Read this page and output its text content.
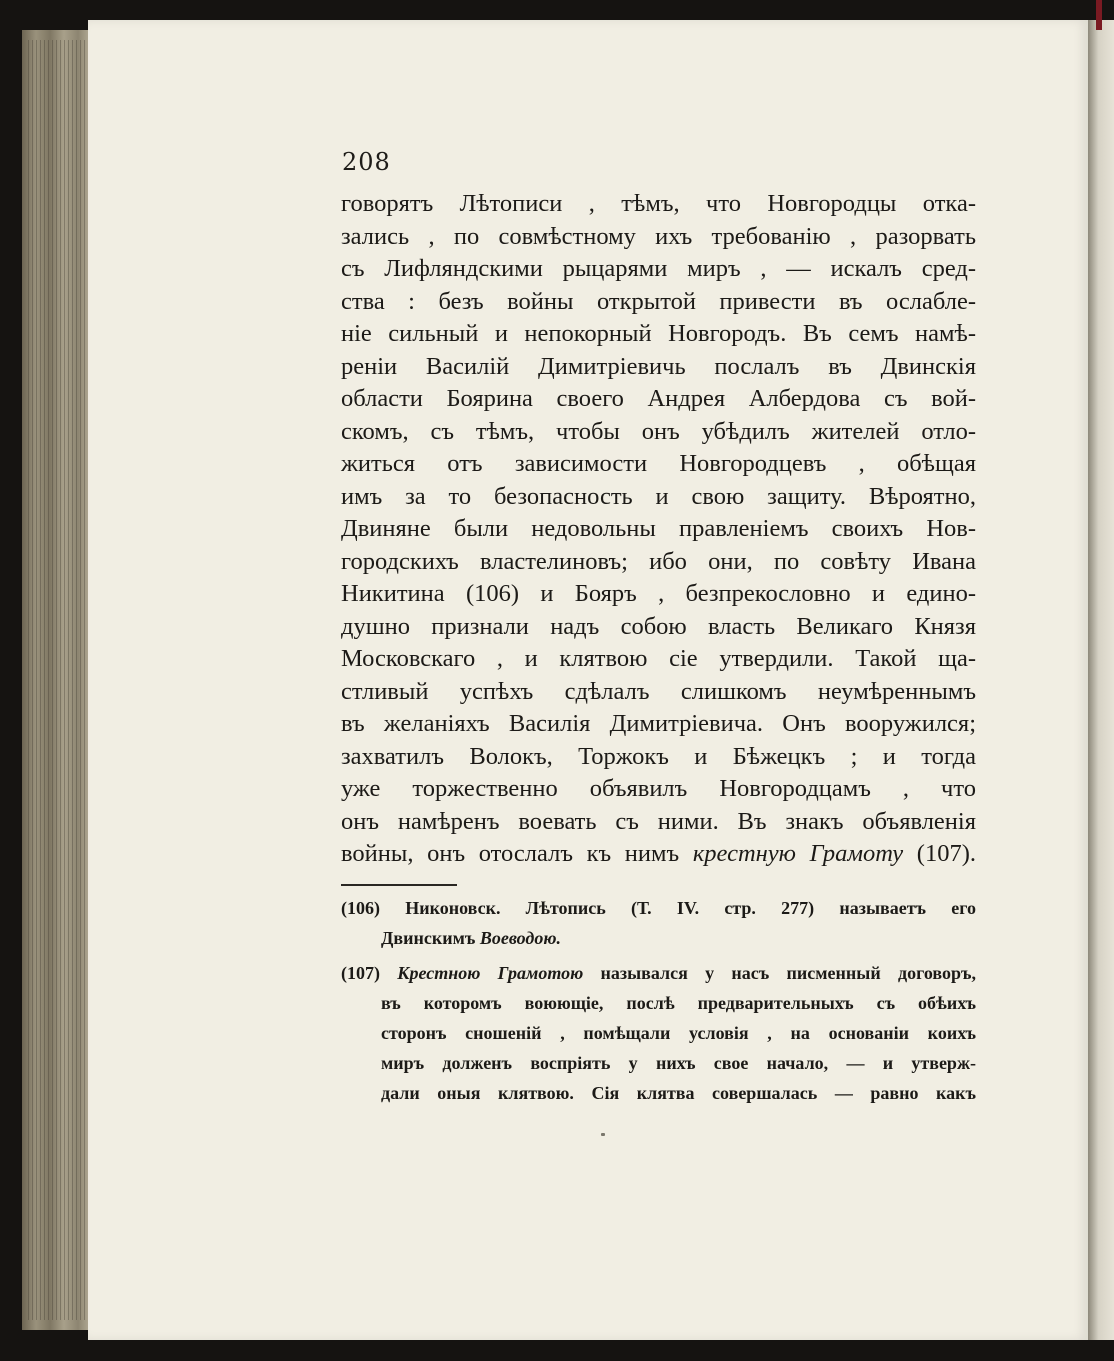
208
говорятъ Лѣтописи , тѣмъ, что Новгородцы отка-
зались , по совмѣстному ихъ требованію , разорвать
съ Лифляндскими рыцарями миръ , — искалъ сред-
ства : безъ войны открытой привести въ ослабле-
ніе сильный и непокорный Новгородъ. Въ семъ намѣ-
реніи Василій Димитріевичь послалъ въ Двинскія
области Боярина своего Андрея Албердова съ вой-
скомъ, съ тѣмъ, чтобы онъ убѣдилъ жителей отло-
житься отъ зависимости Новгородцевъ , обѣщая
имъ за то безопасность и свою защиту. Вѣроятно,
Двиняне были недовольны правленіемъ своихъ Нов-
городскихъ властелиновъ; ибо они, по совѣту Ивана
Никитина (106) и Бояръ , безпрекословно и едино-
душно признали надъ собою власть Великаго Князя
Московскаго , и клятвою сіе утвердили. Такой ща-
стливый успѣхъ сдѣлалъ слишкомъ неумѣреннымъ
въ желаніяхъ Василія Димитріевича. Онъ вооружился;
захватилъ Волокъ, Торжокъ и Бѣжецкъ ; и тогда
уже торжественно объявилъ Новгородцамъ , что
онъ намѣренъ воевать съ ними. Въ знакъ объявленія
войны, онъ отослалъ къ нимъ крестную Грамоту (107).
(106) Никоновск. Лѣтопись (Т. IV. стр. 277) называетъ его
Двинскимъ Воеводою.
(107) Крестною Грамотою назывался у насъ писменный договоръ,
въ которомъ воюющіе, послѣ предварительныхъ съ обѣихъ
сторонъ сношеній , помѣщали условія , на основаніи коихъ
миръ долженъ воспріять у нихъ свое начало, — и утверж-
дали оныя клятвою. Сія клятва совершалась — равно какъ
